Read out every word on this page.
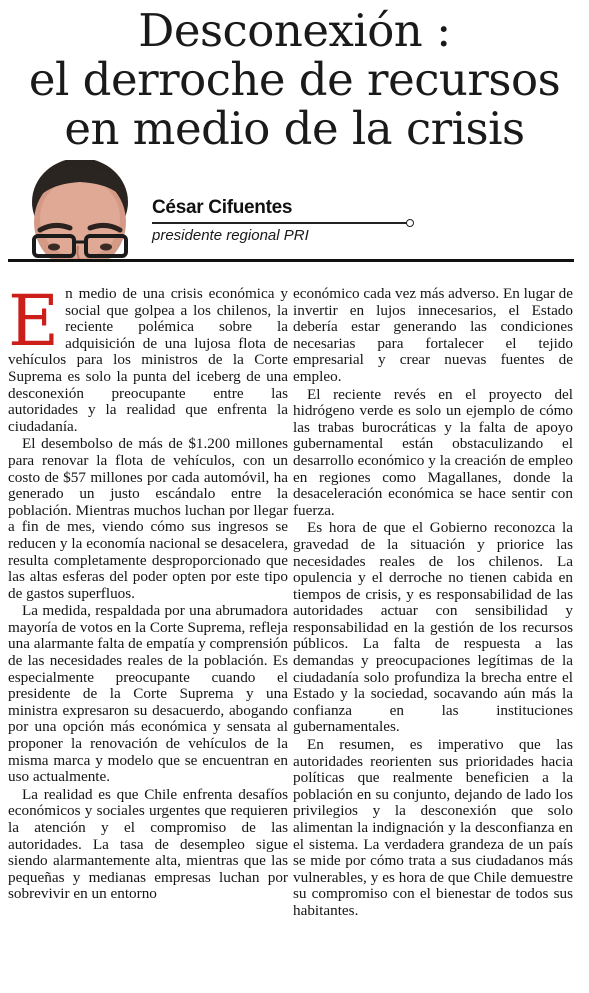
Desconexión :
el derroche de recursos
en medio de la crisis
César Cifuentes
presidente regional PRI

En medio de una crisis económica y social que golpea a los chilenos, la reciente polémica sobre la adquisición de una lujosa flota de vehículos para los ministros de la Corte Suprema es solo la punta del iceberg de una desconexión preocupante entre las autoridades y la realidad que enfrenta la ciudadanía.

El desembolso de más de $1.200 millones para renovar la flota de vehículos, con un costo de $57 millones por cada automóvil, ha generado un justo escándalo entre la población. Mientras muchos luchan por llegar a fin de mes, viendo cómo sus ingresos se reducen y la economía nacional se desacelera, resulta completamente desproporcionado que las altas esferas del poder opten por este tipo de gastos superfluos.

La medida, respaldada por una abrumadora mayoría de votos en la Corte Suprema, refleja una alarmante falta de empatía y comprensión de las necesidades reales de la población. Es especialmente preocupante cuando el presidente de la Corte Suprema y una ministra expresaron su desacuerdo, abogando por una opción más económica y sensata al proponer la renovación de vehículos de la misma marca y modelo que se encuentran en uso actualmente.

La realidad es que Chile enfrenta desafíos económicos y sociales urgentes que requieren la atención y el compromiso de las autoridades. La tasa de desempleo sigue siendo alarmantemente alta, mientras que las pequeñas y medianas empresas luchan por sobrevivir en un entorno

económico cada vez más adverso. En lugar de invertir en lujos innecesarios, el Estado debería estar generando las condiciones necesarias para fortalecer el tejido empresarial y crear nuevas fuentes de empleo.

El reciente revés en el proyecto del hidrógeno verde es solo un ejemplo de cómo las trabas burocráticas y la falta de apoyo gubernamental están obstaculizando el desarrollo económico y la creación de empleo en regiones como Magallanes, donde la desaceleración económica se hace sentir con fuerza.

Es hora de que el Gobierno reconozca la gravedad de la situación y priorice las necesidades reales de los chilenos. La opulencia y el derroche no tienen cabida en tiempos de crisis, y es responsabilidad de las autoridades actuar con sensibilidad y responsabilidad en la gestión de los recursos públicos. La falta de respuesta a las demandas y preocupaciones legítimas de la ciudadanía solo profundiza la brecha entre el Estado y la sociedad, socavando aún más la confianza en las instituciones gubernamentales.

En resumen, es imperativo que las autoridades reorienten sus prioridades hacia políticas que realmente beneficien a la población en su conjunto, dejando de lado los privilegios y la desconexión que solo alimentan la indignación y la desconfianza en el sistema. La verdadera grandeza de un país se mide por cómo trata a sus ciudadanos más vulnerables, y es hora de que Chile demuestre su compromiso con el bienestar de todos sus habitantes.
